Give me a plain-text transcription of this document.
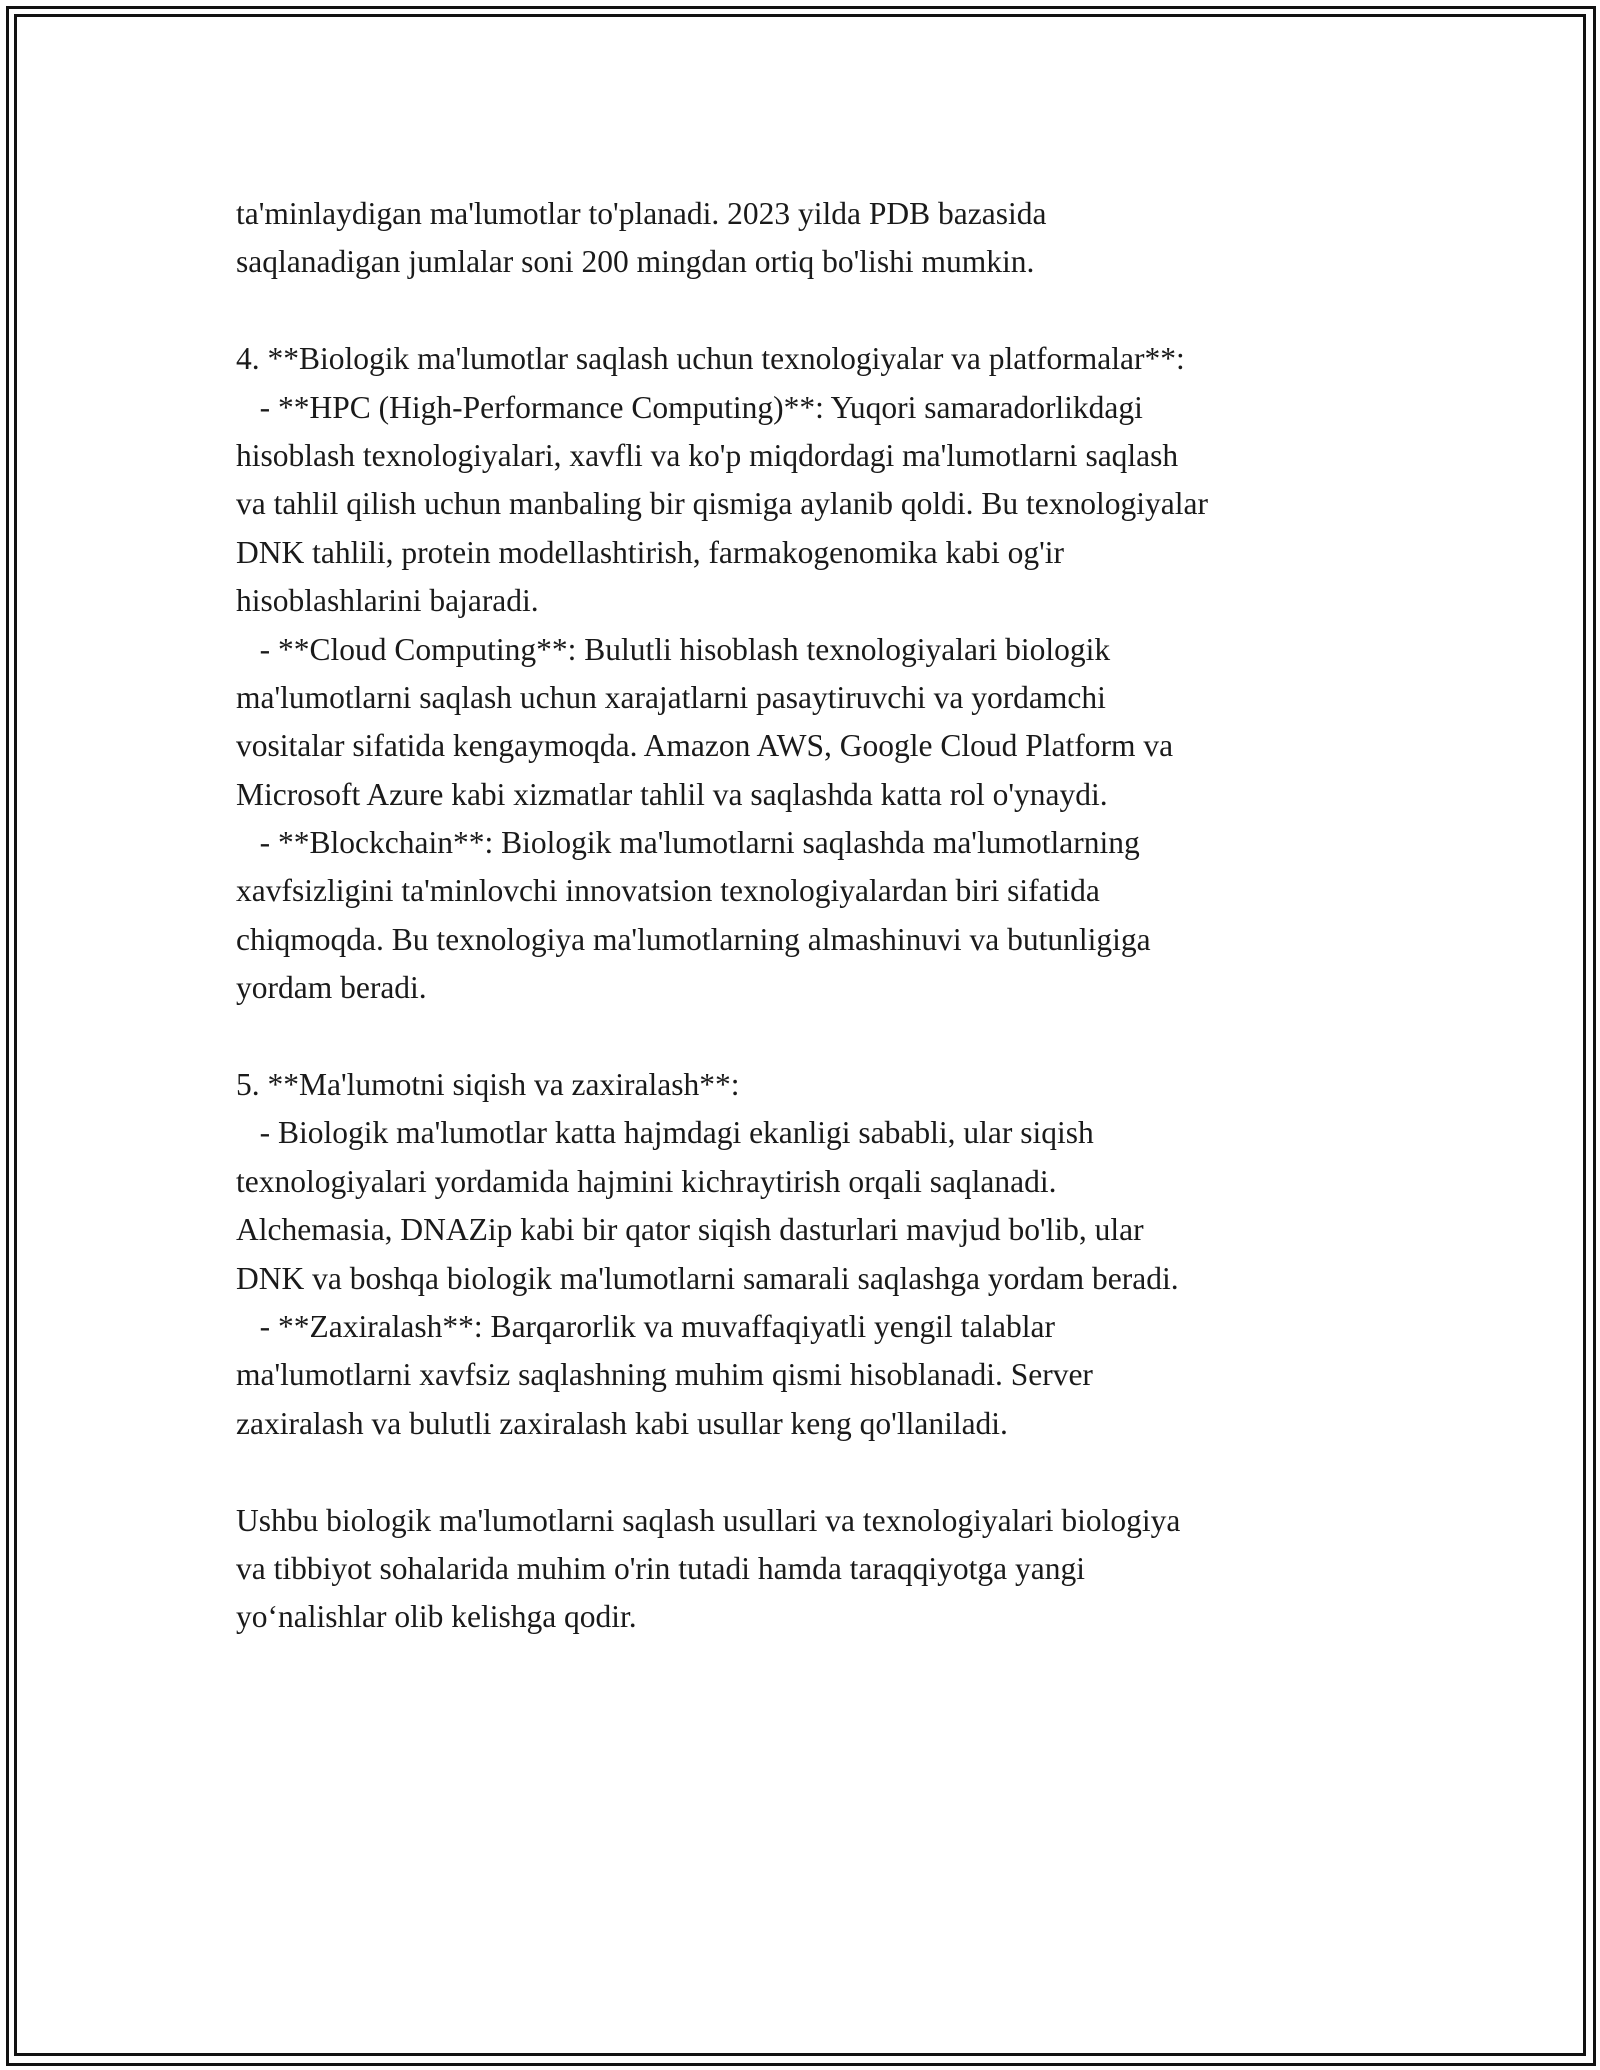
ta'minlaydigan ma'lumotlar to'planadi. 2023 yilda PDB bazasida
saqlanadigan jumlalar soni 200 mingdan ortiq bo'lishi mumkin.
4. **Biologik ma'lumotlar saqlash uchun texnologiyalar va platformalar**:
- **HPC (High-Performance Computing)**: Yuqori samaradorlikdagi
hisoblash texnologiyalari, xavfli va ko'p miqdordagi ma'lumotlarni saqlash
va tahlil qilish uchun manbaling bir qismiga aylanib qoldi. Bu texnologiyalar
DNK tahlili, protein modellashtirish, farmakogenomika kabi og'ir
hisoblashlarini bajaradi.
- **Cloud Computing**: Bulutli hisoblash texnologiyalari biologik
ma'lumotlarni saqlash uchun xarajatlarni pasaytiruvchi va yordamchi
vositalar sifatida kengaymoqda. Amazon AWS, Google Cloud Platform va
Microsoft Azure kabi xizmatlar tahlil va saqlashda katta rol o'ynaydi.
- **Blockchain**: Biologik ma'lumotlarni saqlashda ma'lumotlarning
xavfsizligini ta'minlovchi innovatsion texnologiyalardan biri sifatida
chiqmoqda. Bu texnologiya ma'lumotlarning almashinuvi va butunligiga
yordam beradi.
5. **Ma'lumotni siqish va zaxiralash**:
- Biologik ma'lumotlar katta hajmdagi ekanligi sababli, ular siqish
texnologiyalari yordamida hajmini kichraytirish orqali saqlanadi.
Alchemasia, DNAZip kabi bir qator siqish dasturlari mavjud bo'lib, ular
DNK va boshqa biologik ma'lumotlarni samarali saqlashga yordam beradi.
- **Zaxiralash**: Barqarorlik va muvaffaqiyatli yengil talablar
ma'lumotlarni xavfsiz saqlashning muhim qismi hisoblanadi. Server
zaxiralash va bulutli zaxiralash kabi usullar keng qo'llaniladi.
Ushbu biologik ma'lumotlarni saqlash usullari va texnologiyalari biologiya
va tibbiyot sohalarida muhim o'rin tutadi hamda taraqqiyotga yangi
yo‘nalishlar olib kelishga qodir.
